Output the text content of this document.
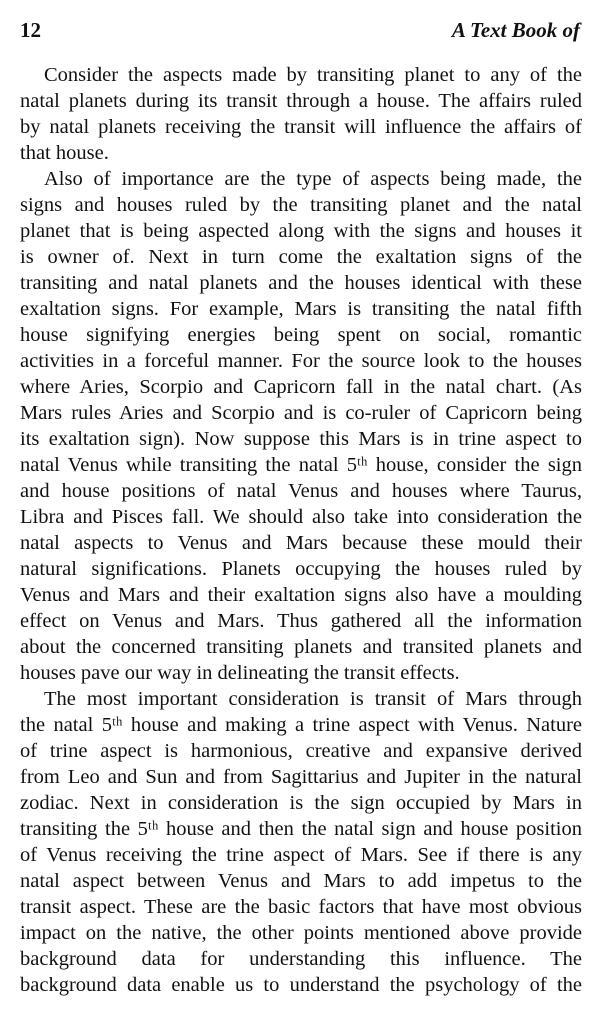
12	A Text Book of
Consider the aspects made by transiting planet to any of the
natal planets during its transit through a house. The affairs ruled
by natal planets receiving the transit will influence the affairs of
that house.
Also of importance are the type of aspects being made, the
signs and houses ruled by the transiting planet and the natal
planet that is being aspected along with the signs and houses it
is owner of. Next in turn come the exaltation signs of the
transiting and natal planets and the houses identical with these
exaltation signs. For example, Mars is transiting the natal fifth
house signifying energies being spent on social, romantic
activities in a forceful manner. For the source look to the houses
where Aries, Scorpio and Capricorn fall in the natal chart. (As
Mars rules Aries and Scorpio and is co-ruler of Capricorn being
its exaltation sign). Now suppose this Mars is in trine aspect to
natal Venus while transiting the natal 5ᵗʰ house, consider the sign
and house positions of natal Venus and houses where Taurus,
Libra and Pisces fall. We should also take into consideration the
natal aspects to Venus and Mars because these mould their
natural significations. Planets occupying the houses ruled by
Venus and Mars and their exaltation signs also have a moulding
effect on Venus and Mars. Thus gathered all the information
about the concerned transiting planets and transited planets and
houses pave our way in delineating the transit effects.
The most important consideration is transit of Mars through
the natal 5ᵗʰ house and making a trine aspect with Venus. Nature
of trine aspect is harmonious, creative and expansive derived
from Leo and Sun and from Sagittarius and Jupiter in the natural
zodiac. Next in consideration is the sign occupied by Mars in
transiting the 5ᵗʰ house and then the natal sign and house position
of Venus receiving the trine aspect of Mars. See if there is any
natal aspect between Venus and Mars to add impetus to the
transit aspect. These are the basic factors that have most obvious
impact on the native, the other points mentioned above provide
background data for understanding this influence. The
background data enable us to understand the psychology of the
